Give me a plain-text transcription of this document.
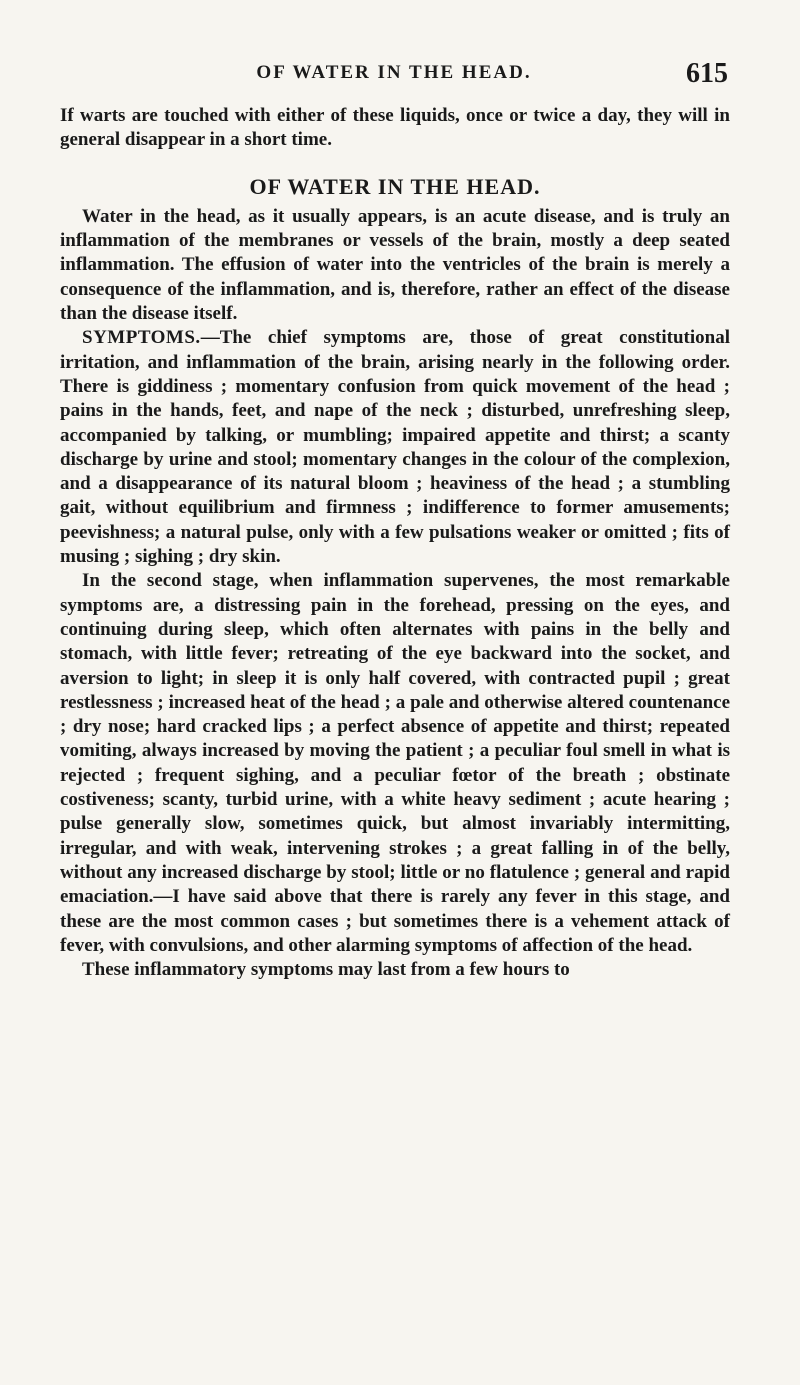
OF WATER IN THE HEAD.	615

If warts are touched with either of these liquids, once or twice a day, they will in general disappear in a short time.

OF WATER IN THE HEAD.

Water in the head, as it usually appears, is an acute disease, and is truly an inflammation of the membranes or vessels of the brain, mostly a deep seated inflammation. The effusion of water into the ventricles of the brain is merely a consequence of the inflammation, and is, therefore, rather an effect of the disease than the disease itself.

SYMPTOMS.—The chief symptoms are, those of great constitutional irritation, and inflammation of the brain, arising nearly in the following order. There is giddiness ; momentary confusion from quick movement of the head ; pains in the hands, feet, and nape of the neck ; disturbed, unrefreshing sleep, accompanied by talking, or mumbling; impaired appetite and thirst; a scanty discharge by urine and stool; momentary changes in the colour of the complexion, and a disappearance of its natural bloom ; heaviness of the head ; a stumbling gait, without equilibrium and firmness ; indifference to former amusements; peevishness; a natural pulse, only with a few pulsations weaker or omitted ; fits of musing ; sighing ; dry skin.

In the second stage, when inflammation supervenes, the most remarkable symptoms are, a distressing pain in the forehead, pressing on the eyes, and continuing during sleep, which often alternates with pains in the belly and stomach, with little fever; retreating of the eye backward into the socket, and aversion to light; in sleep it is only half covered, with contracted pupil ; great restlessness ; increased heat of the head ; a pale and otherwise altered countenance ; dry nose; hard cracked lips ; a perfect absence of appetite and thirst; repeated vomiting, always increased by moving the patient ; a peculiar foul smell in what is rejected ; frequent sighing, and a peculiar fœtor of the breath ; obstinate costiveness; scanty, turbid urine, with a white heavy sediment ; acute hearing ; pulse generally slow, sometimes quick, but almost invariably intermitting, irregular, and with weak, intervening strokes ; a great falling in of the belly, without any increased discharge by stool; little or no flatulence ; general and rapid emaciation.—I have said above that there is rarely any fever in this stage, and these are the most common cases ; but sometimes there is a vehement attack of fever, with convulsions, and other alarming symptoms of affection of the head.

These inflammatory symptoms may last from a few hours to
